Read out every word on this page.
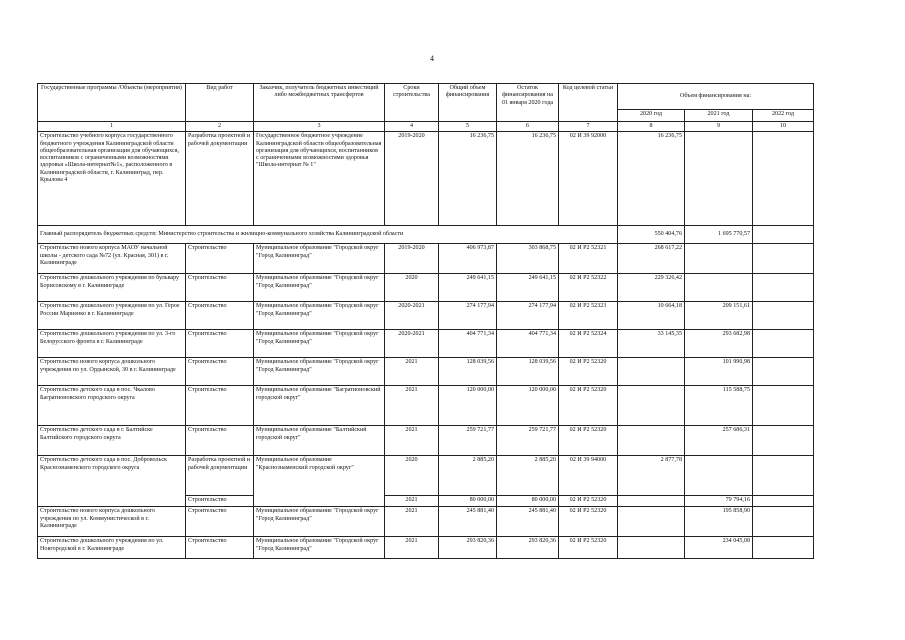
4
Государственные программы /Объекты (мероприятия)	Вид работ	Заказчик, получатель бюджетных инвестиций либо межбюджетных трансфертов	Сроки строительства	Общий объем финансирования	Остаток финансирования на 01 января 2020 года	Код целевой статьи	Объем финансирования на:		
							2020 год	2021 год	2022 год
1	2	3	4	5	6	7	8	9	10
Строительство учебного корпуса государственного бюджетного учреждения Калининградской области общеобразовательная организация для обучающихся, воспитанников с ограниченными возможностями здоровья «Школа-интернат№1», расположенного в Калининградской области, г. Калининград, пер. Крылова 4	Разработка проектной и рабочей документации	Государственное бюджетное учреждение Калининградской области общеобразовательная организация для обучающихся, воспитанников с ограниченными возможностями здоровья "Школа-интернат № 1"	2019-2020	16 236,75	16 236,75	02 И 39 92000	16 236,75		
Главный распорядитель бюджетных средств: Министерство строительства и жилищно-коммунального хозяйства Калининградской области							550 404,76	1 695 770,57	
Строительство нового корпуса МАОУ начальной школы - детского сада №72 (ул. Красная, 301) в г. Калининграде	Строительство	Муниципальное образование "Городской округ "Город Калининград"	2019-2020	406 973,87	303 868,75	02 И Р2 52321	268 617,22		
Строительство дошкольного учреждения по бульвару Борисовскому в г. Калининграде	Строительство	Муниципальное образование "Городской округ "Город Калининград"	2020	249 641,15	249 641,15	02 И Р2 52322	229 326,42		
Строительство дошкольного учреждения по ул. Герое России Мариенко в г. Калининграде	Строительство	Муниципальное образование "Городской округ "Город Калининград"	2020-2021	274 177,94	274 177,94	02 И Р2 52323	10 664,18	209 151,61	
Строительство дошкольного учреждения по ул. 3-го Белорусского фронта в г. Калининграде	Строительство	Муниципальное образование "Городской округ "Город Калининград"	2020-2021	404 771,34	404 771,34	02 И Р2 52324	33 145,35	293 682,98	
Строительство нового корпуса дошкольного учреждения по ул. Ордынской, 30 в г. Калининграде	Строительство	Муниципальное образование "Городской округ "Город Калининград"	2021	128 039,56	128 039,56	02 И Р2 52320		101 990,98	
Строительство детского сада в пос. Чкалово Багратионовского городского округа	Строительство	Муниципальное образование "Багратионовский городской округ"	2021	120 000,00	120 000,00	02 И Р2 52320		115 588,75	
Строительство детского сада в г. Балтийске Балтийского городского округа	Строительство	Муниципальное образование "Балтийский городской округ"	2021	259 721,77	259 721,77	02 И Р2 52320		257 686,31	
Строительство детского сада в пос. Добровольск Краснознаменского городского округа	Разработка проектной и рабочей документации	Муниципальное образование "Краснознаменский городской округ"	2020	2 885,20	2 885,20	02 И 39 94000	2 877,78		
	Строительство		2021	80 000,00	80 000,00	02 И Р2 52320		79 794,16	
Строительство нового корпуса дошкольного учреждения по ул. Коммунистической в г. Калининграде	Строительство	Муниципальное образование "Городской округ "Город Калининград"	2021	245 881,40	245 881,40	02 И Р2 52320		195 858,90	
Строительство дошкольного учреждения по ул. Новгородской в г. Калининграде	Строительство	Муниципальное образование "Городской округ "Город Калининград"	2021	293 820,36	293 820,36	02 И Р2 52320		234 045,08	
